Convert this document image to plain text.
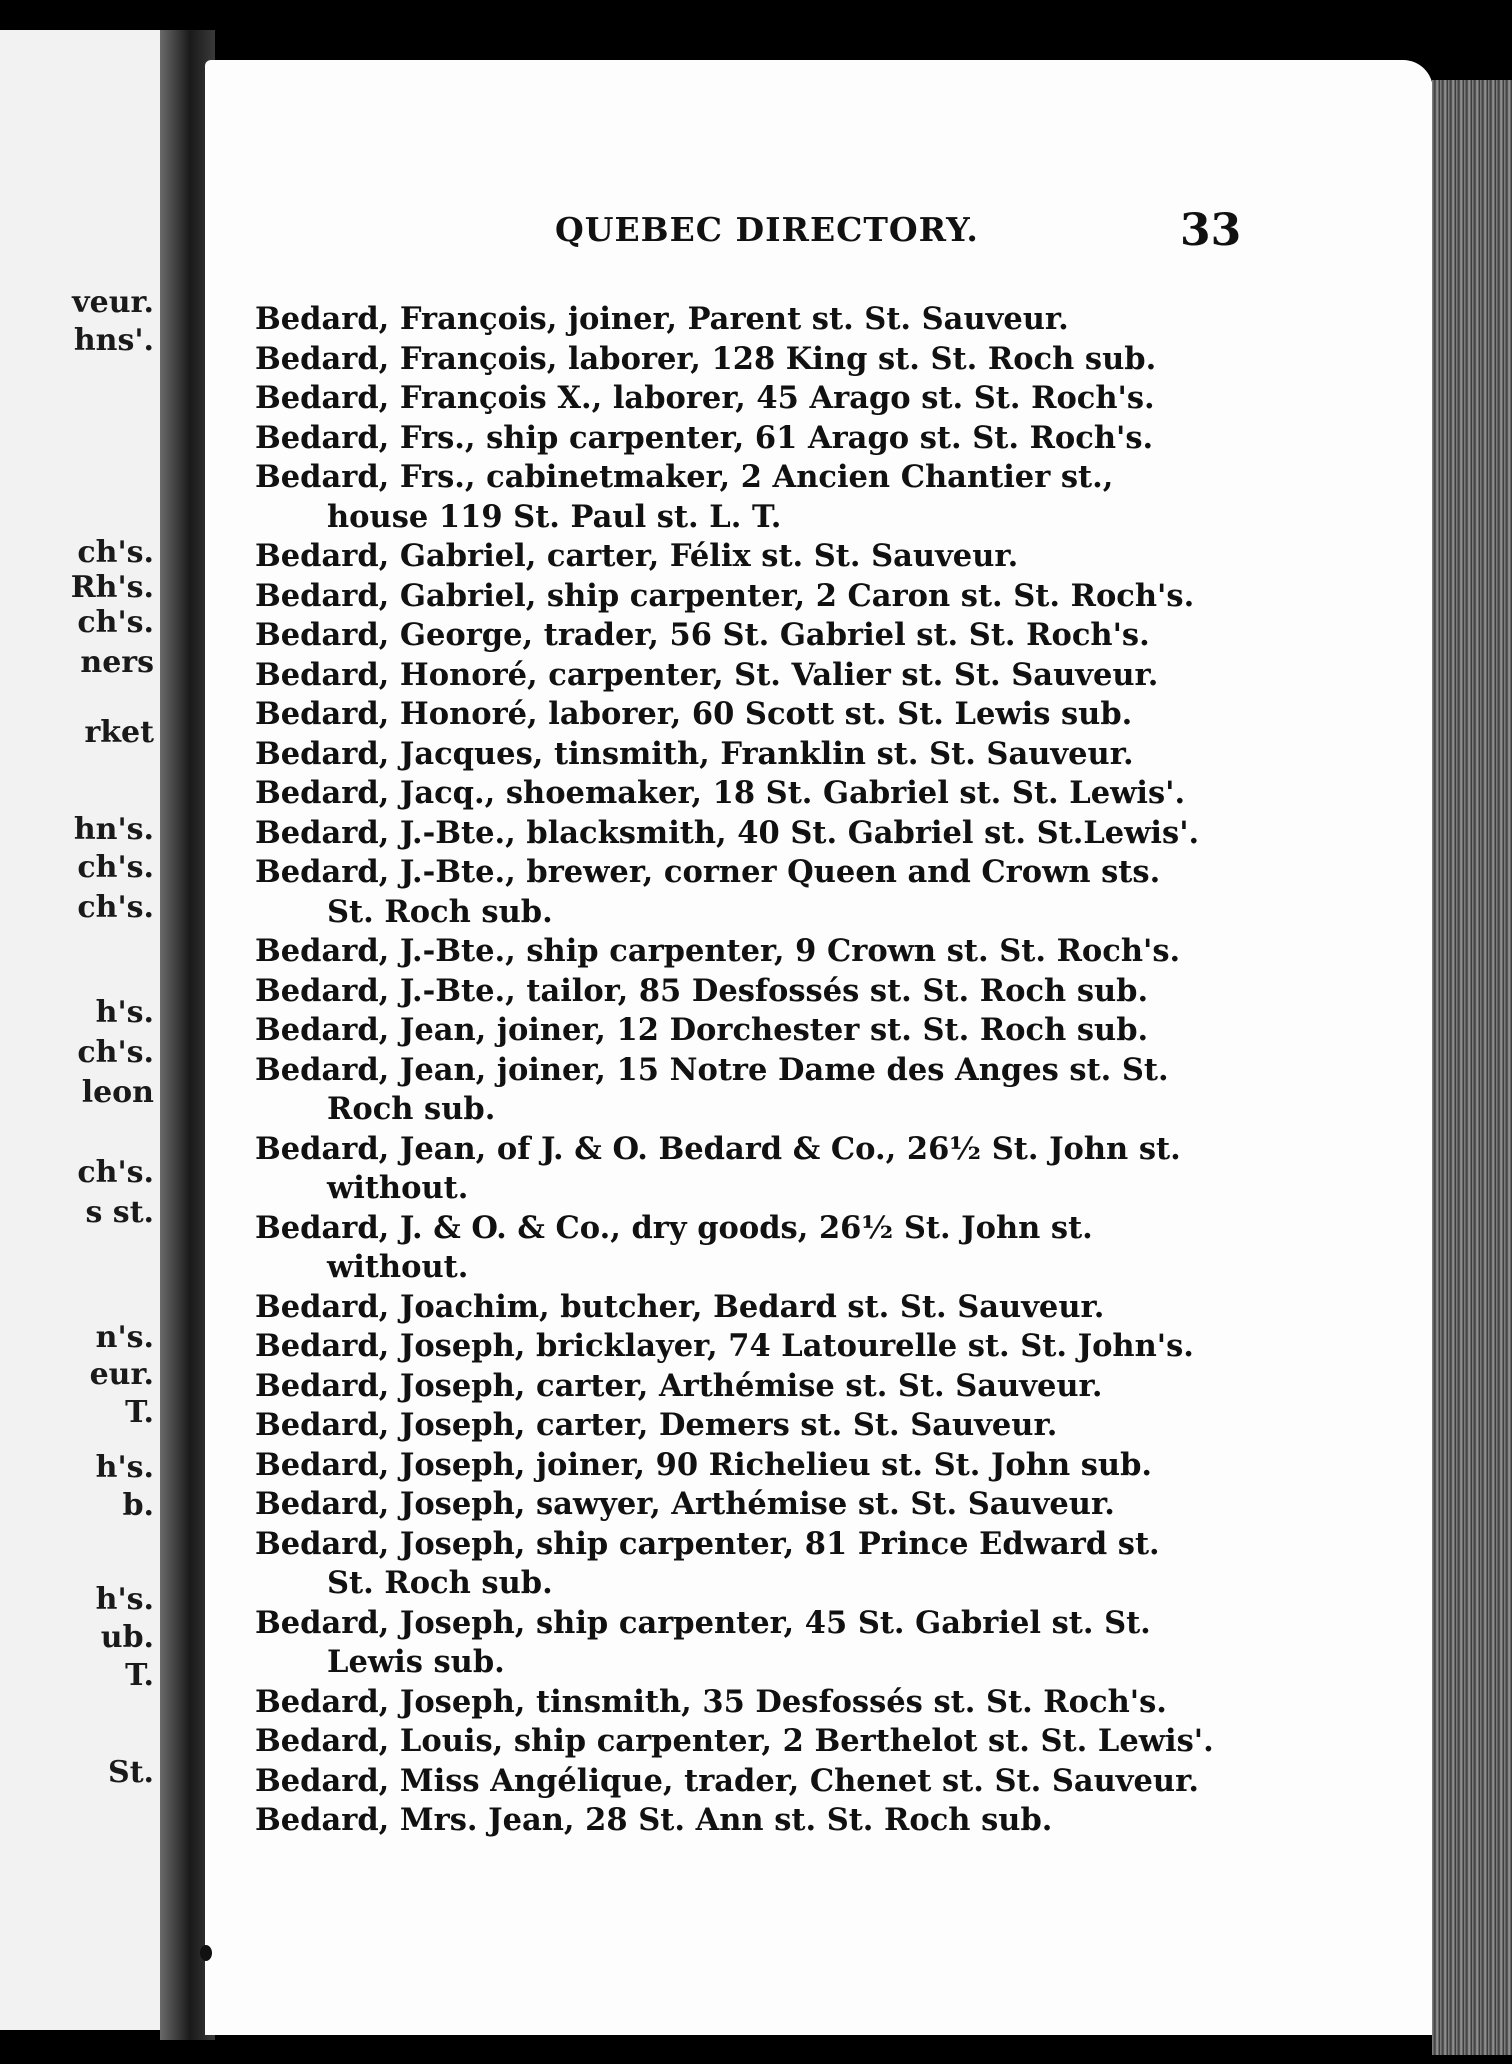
veur.
hns'.
ch's.
Rh's.
ch's.
ners
rket
hn's.
ch's.
ch's.
h's.
ch's.
leon
ch's.
s st.
n's.
eur.
T.
h's.
b.
h's.
ub.
T.
St.
QUEBEC DIRECTORY.	33
Bedard, François, joiner, Parent st. St. Sauveur.
Bedard, François, laborer, 128 King st. St. Roch sub.
Bedard, François X., laborer, 45 Arago st. St. Roch's.
Bedard, Frs., ship carpenter, 61 Arago st. St. Roch's.
Bedard, Frs., cabinetmaker, 2 Ancien Chantier st.,
house 119 St. Paul st. L. T.
Bedard, Gabriel, carter, Félix st. St. Sauveur.
Bedard, Gabriel, ship carpenter, 2 Caron st. St. Roch's.
Bedard, George, trader, 56 St. Gabriel st. St. Roch's.
Bedard, Honoré, carpenter, St. Valier st. St. Sauveur.
Bedard, Honoré, laborer, 60 Scott st. St. Lewis sub.
Bedard, Jacques, tinsmith, Franklin st. St. Sauveur.
Bedard, Jacq., shoemaker, 18 St. Gabriel st. St. Lewis'.
Bedard, J.-Bte., blacksmith, 40 St. Gabriel st. St.Lewis'.
Bedard, J.-Bte., brewer, corner Queen and Crown sts.
St. Roch sub.
Bedard, J.-Bte., ship carpenter, 9 Crown st. St. Roch's.
Bedard, J.-Bte., tailor, 85 Desfossés st. St. Roch sub.
Bedard, Jean, joiner, 12 Dorchester st. St. Roch sub.
Bedard, Jean, joiner, 15 Notre Dame des Anges st. St.
Roch sub.
Bedard, Jean, of J. & O. Bedard & Co., 26½ St. John st.
without.
Bedard, J. & O. & Co., dry goods, 26½ St. John st.
without.
Bedard, Joachim, butcher, Bedard st. St. Sauveur.
Bedard, Joseph, bricklayer, 74 Latourelle st. St. John's.
Bedard, Joseph, carter, Arthémise st. St. Sauveur.
Bedard, Joseph, carter, Demers st. St. Sauveur.
Bedard, Joseph, joiner, 90 Richelieu st. St. John sub.
Bedard, Joseph, sawyer, Arthémise st. St. Sauveur.
Bedard, Joseph, ship carpenter, 81 Prince Edward st.
St. Roch sub.
Bedard, Joseph, ship carpenter, 45 St. Gabriel st. St.
Lewis sub.
Bedard, Joseph, tinsmith, 35 Desfossés st. St. Roch's.
Bedard, Louis, ship carpenter, 2 Berthelot st. St. Lewis'.
Bedard, Miss Angélique, trader, Chenet st. St. Sauveur.
Bedard, Mrs. Jean, 28 St. Ann st. St. Roch sub.
